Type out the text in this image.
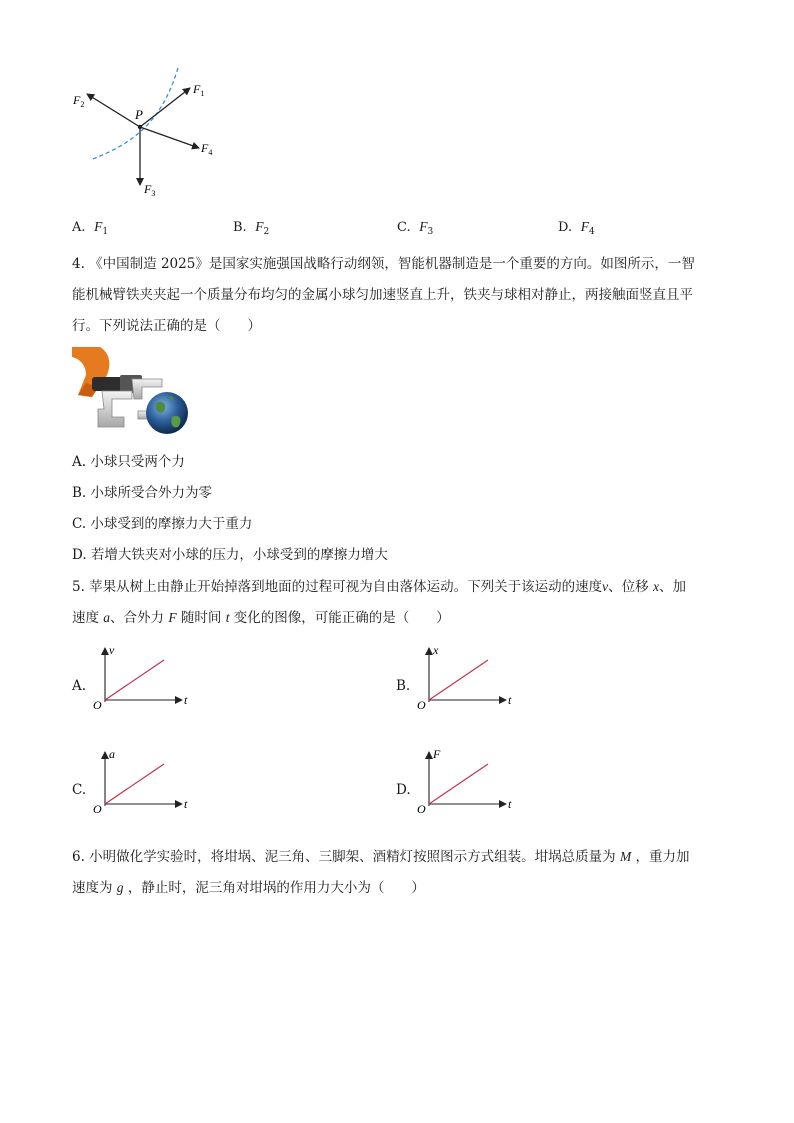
P
$F_1$
$F_2$
$F_3$
$F_4$
A. $F_1$	B. $F_2$	C. $F_3$	D. $F_4$
4. 《中国制造 2025》是国家实施强国战略行动纲领，智能机器制造是一个重要的方向。如图所示，一智
能机械臂铁夹夹起一个质量分布均匀的金属小球匀加速竖直上升，铁夹与球相对静止，两接触面竖直且平
行。下列说法正确的是（　　）
A. 小球只受两个力
B. 小球所受合外力为零
C. 小球受到的摩擦力大于重力
D. 若增大铁夹对小球的压力，小球受到的摩擦力增大
5. 苹果从树上由静止开始掉落到地面的过程可视为自由落体运动。下列关于该运动的速度v、位移 x、加
速度 a、合外力 F 随时间 t 变化的图像，可能正确的是（　　）
A.
v
t
O
B.
x
t
O
C.
a
t
O
D.
F
t
O
6. 小明做化学实验时，将坩埚、泥三角、三脚架、酒精灯按照图示方式组装。坩埚总质量为 M ，重力加
速度为 g ，静止时，泥三角对坩埚的作用力大小为（　　）
